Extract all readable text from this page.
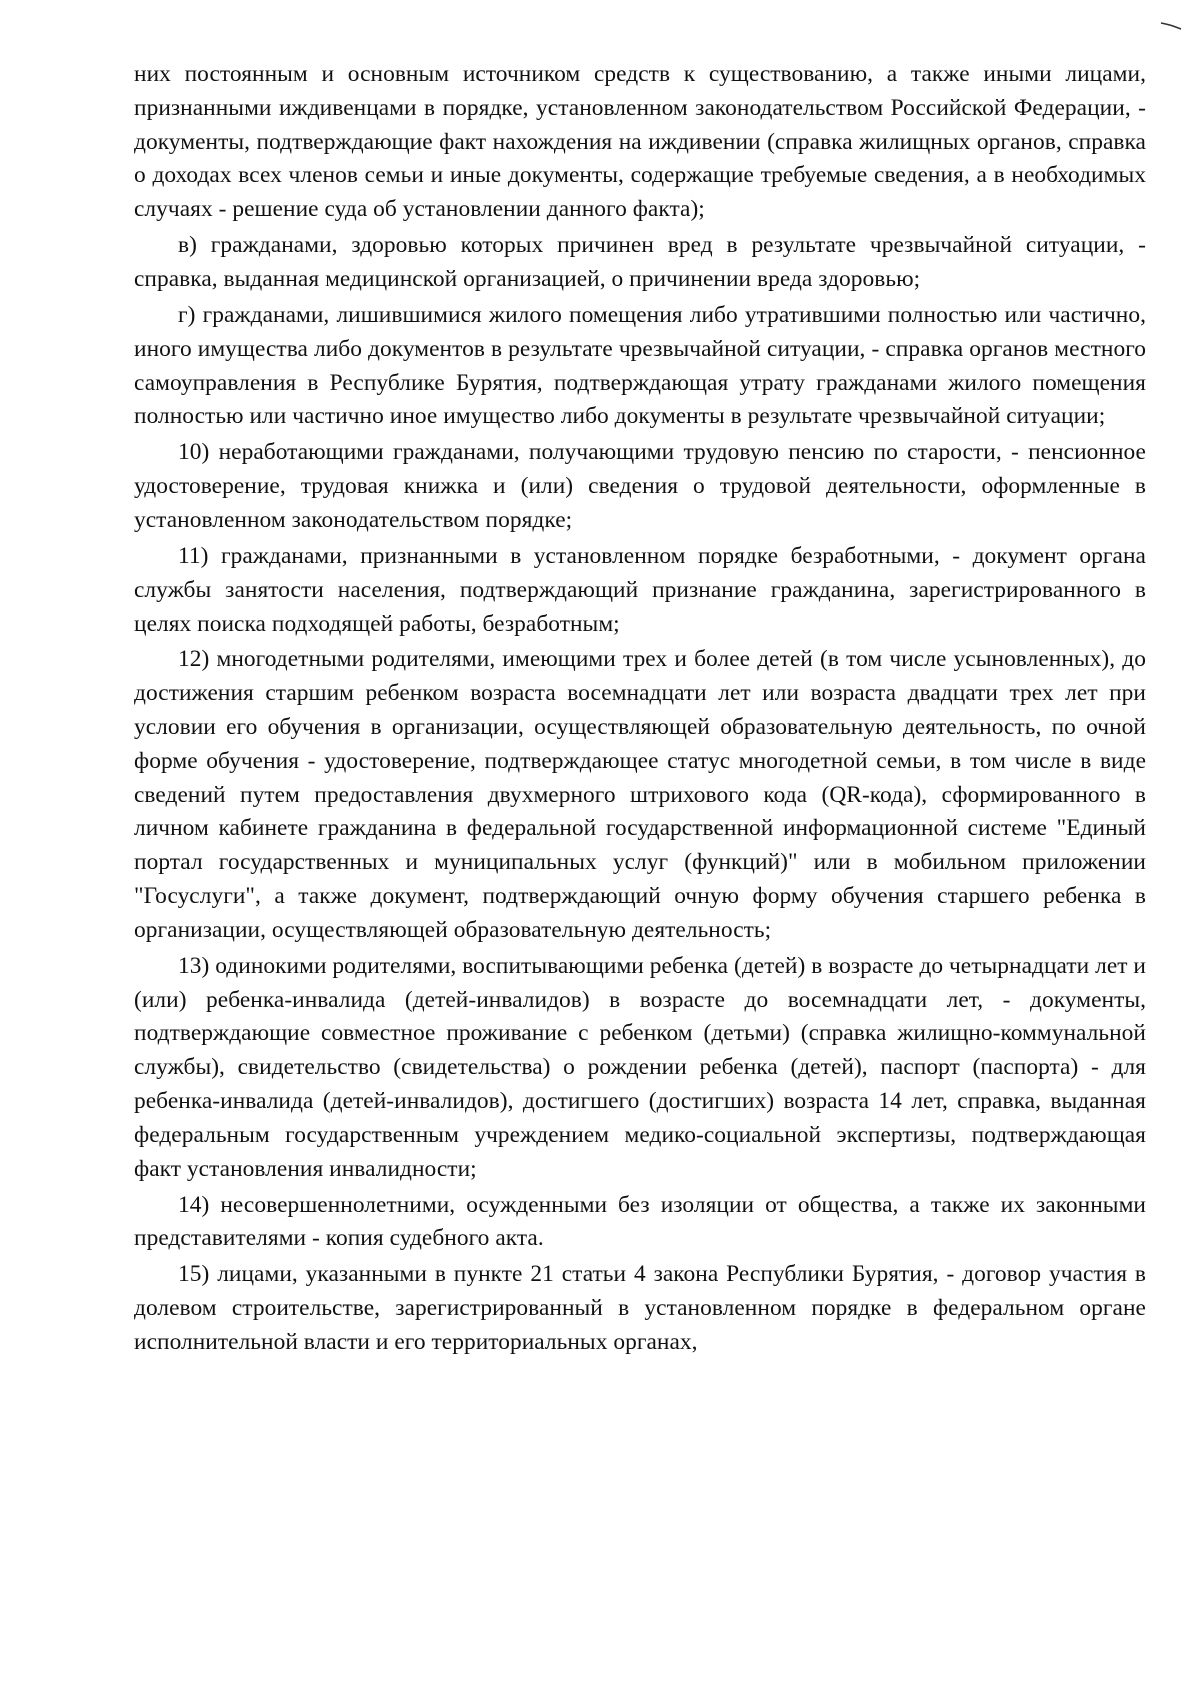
них постоянным и основным источником средств к существованию, а также иными лицами, признанными иждивенцами в порядке, установленном законодательством Российской Федерации, - документы, подтверждающие факт нахождения на иждивении (справка жилищных органов, справка о доходах всех членов семьи и иные документы, содержащие требуемые сведения, а в необходимых случаях - решение суда об установлении данного факта);

в) гражданами, здоровью которых причинен вред в результате чрезвычайной ситуации, - справка, выданная медицинской организацией, о причинении вреда здоровью;

г) гражданами, лишившимися жилого помещения либо утратившими полностью или частично, иного имущества либо документов в результате чрезвычайной ситуации, - справка органов местного самоуправления в Республике Бурятия, подтверждающая утрату гражданами жилого помещения полностью или частично иное имущество либо документы в результате чрезвычайной ситуации;

10) неработающими гражданами, получающими трудовую пенсию по старости, - пенсионное удостоверение, трудовая книжка и (или) сведения о трудовой деятельности, оформленные в установленном законодательством порядке;

11) гражданами, признанными в установленном порядке безработными, - документ органа службы занятости населения, подтверждающий признание гражданина, зарегистрированного в целях поиска подходящей работы, безработным;

12) многодетными родителями, имеющими трех и более детей (в том числе усыновленных), до достижения старшим ребенком возраста восемнадцати лет или возраста двадцати трех лет при условии его обучения в организации, осуществляющей образовательную деятельность, по очной форме обучения - удостоверение, подтверждающее статус многодетной семьи, в том числе в виде сведений путем предоставления двухмерного штрихового кода (QR-кода), сформированного в личном кабинете гражданина в федеральной государственной информационной системе "Единый портал государственных и муниципальных услуг (функций)" или в мобильном приложении "Госуслуги", а также документ, подтверждающий очную форму обучения старшего ребенка в организации, осуществляющей образовательную деятельность;

13) одинокими родителями, воспитывающими ребенка (детей) в возрасте до четырнадцати лет и (или) ребенка-инвалида (детей-инвалидов) в возрасте до восемнадцати лет, - документы, подтверждающие совместное проживание с ребенком (детьми) (справка жилищно-коммунальной службы), свидетельство (свидетельства) о рождении ребенка (детей), паспорт (паспорта) - для ребенка-инвалида (детей-инвалидов), достигшего (достигших) возраста 14 лет, справка, выданная федеральным государственным учреждением медико-социальной экспертизы, подтверждающая факт установления инвалидности;

14) несовершеннолетними, осужденными без изоляции от общества, а также их законными представителями - копия судебного акта.

15) лицами, указанными в пункте 21 статьи 4 закона Республики Бурятия, - договор участия в долевом строительстве, зарегистрированный в установленном порядке в федеральном органе исполнительной власти и его территориальных органах,
